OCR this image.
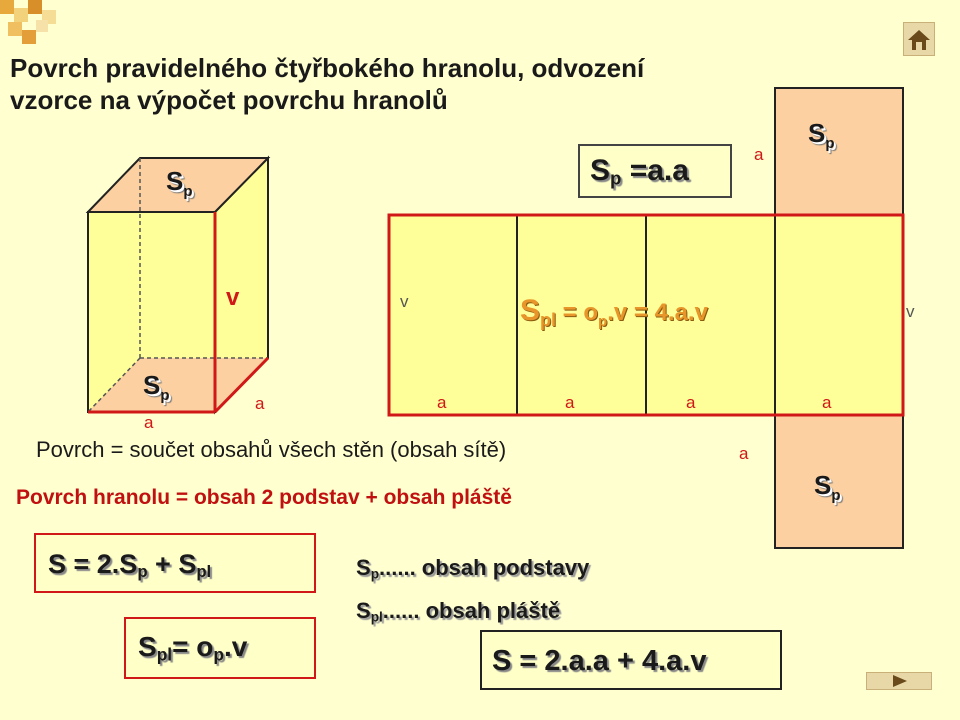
Povrch pravidelného čtyřbokého hranolu, odvození
vzorce na výpočet povrchu hranolů
$S_p$
$S_p$
v
a
a
$S_p$
$S_p$
a
a
v
v
a	a	a	a
$S_{pl} = o_p.v = 4.a.v$
Sp =a.a
Povrch = součet obsahů všech stěn (obsah sítě)
Povrch hranolu = obsah 2 podstav + obsah pláště
S = 2.Sp + Spl
Spl= op.v
Sp...... obsah podstavy
Spl...... obsah pláště
S = 2.a.a + 4.a.v
